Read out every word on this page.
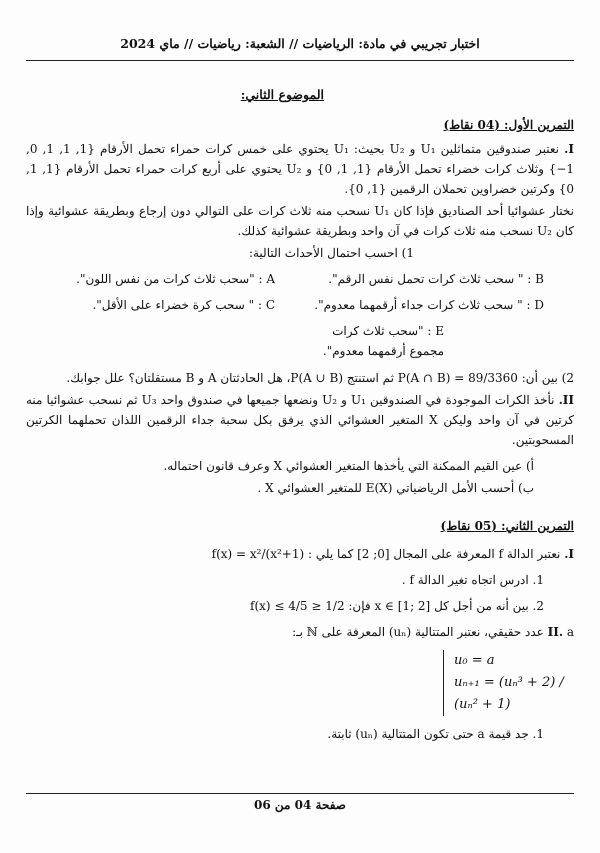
اختبار تجريبي في مادة: الرياضيات // الشعبة: رياضيات // ماي 2024
الموضوع الثاني:
التمرين الأول: (04 نقاط)
I. نعتبر صندوقين متماثلين U₁ و U₂ بحيث: U₁ يحتوي على خمس كرات حمراء تحمل الأرقام {1, 1, 1, 0, 1−} وثلاث كرات خضراء تحمل الأرقام {1, 1, 0} و U₂ يحتوي على أربع كرات حمراء تحمل الأرقام {1, 1, 0} وكرتين خضراوين تحملان الرقمين {1, 0}.
نختار عشوائيا أحد الصناديق فإذا كان U₁ نسحب منه ثلاث كرات على التوالي دون إرجاع وبطريقة عشوائية وإذا كان U₂ نسحب منه ثلاث كرات في آن واحد وبطريقة عشوائية كذلك.
1) احسب احتمال الأحداث التالية:
B : " سحب ثلاث كرات تحمل نفس الرقم".
A : "سحب ثلاث كرات من نفس اللون".
D : " سحب ثلاث كرات جداء أرقمهما معدوم".
C : " سحب كرة خضراء على الأقل".
E : "سحب ثلاث كرات مجموع أرقمهما معدوم".
2) بين أن: P(A ∩ B) = 89/3360 ثم استنتج P(A ∪ B)، هل الحادثتان A و B مستقلتان؟ علل جوابك.
II. نأخذ الكرات الموجودة في الصندوقين U₁ و U₂ ونضعها جميعها في صندوق واحد U₃ ثم نسحب عشوائيا منه كرتين في آن واحد وليكن X المتغير العشوائي الذي يرفق بكل سحبة جداء الرقمين اللذان تحملهما الكرتين المسحوبتين.
أ) عين القيم الممكنة التي يأخذها المتغير العشوائي X وعرف قانون احتماله.
ب) أحسب الأمل الرياضياتي E(X) للمتغير العشوائي X .
التمرين الثاني: (05 نقاط)
I. نعتبر الدالة f المعرفة على المجال [0; 2] كما يلي : f(x) = x²/(x²+1)
1. ادرس اتجاه تغير الدالة f .
2. بين أنه من أجل كل x ∈ [1; 2] فإن: 1/2 ≤ f(x) ≤ 4/5
II. a عدد حقيقي، نعتبر المتتالية (uₙ) المعرفة على ℕ بـ:
u₀ = a
uₙ₊₁ = (uₙ³ + 2) / (uₙ² + 1)
1. جد قيمة a حتى تكون المتتالية (uₙ) ثابتة.
صفحة 04 من 06
